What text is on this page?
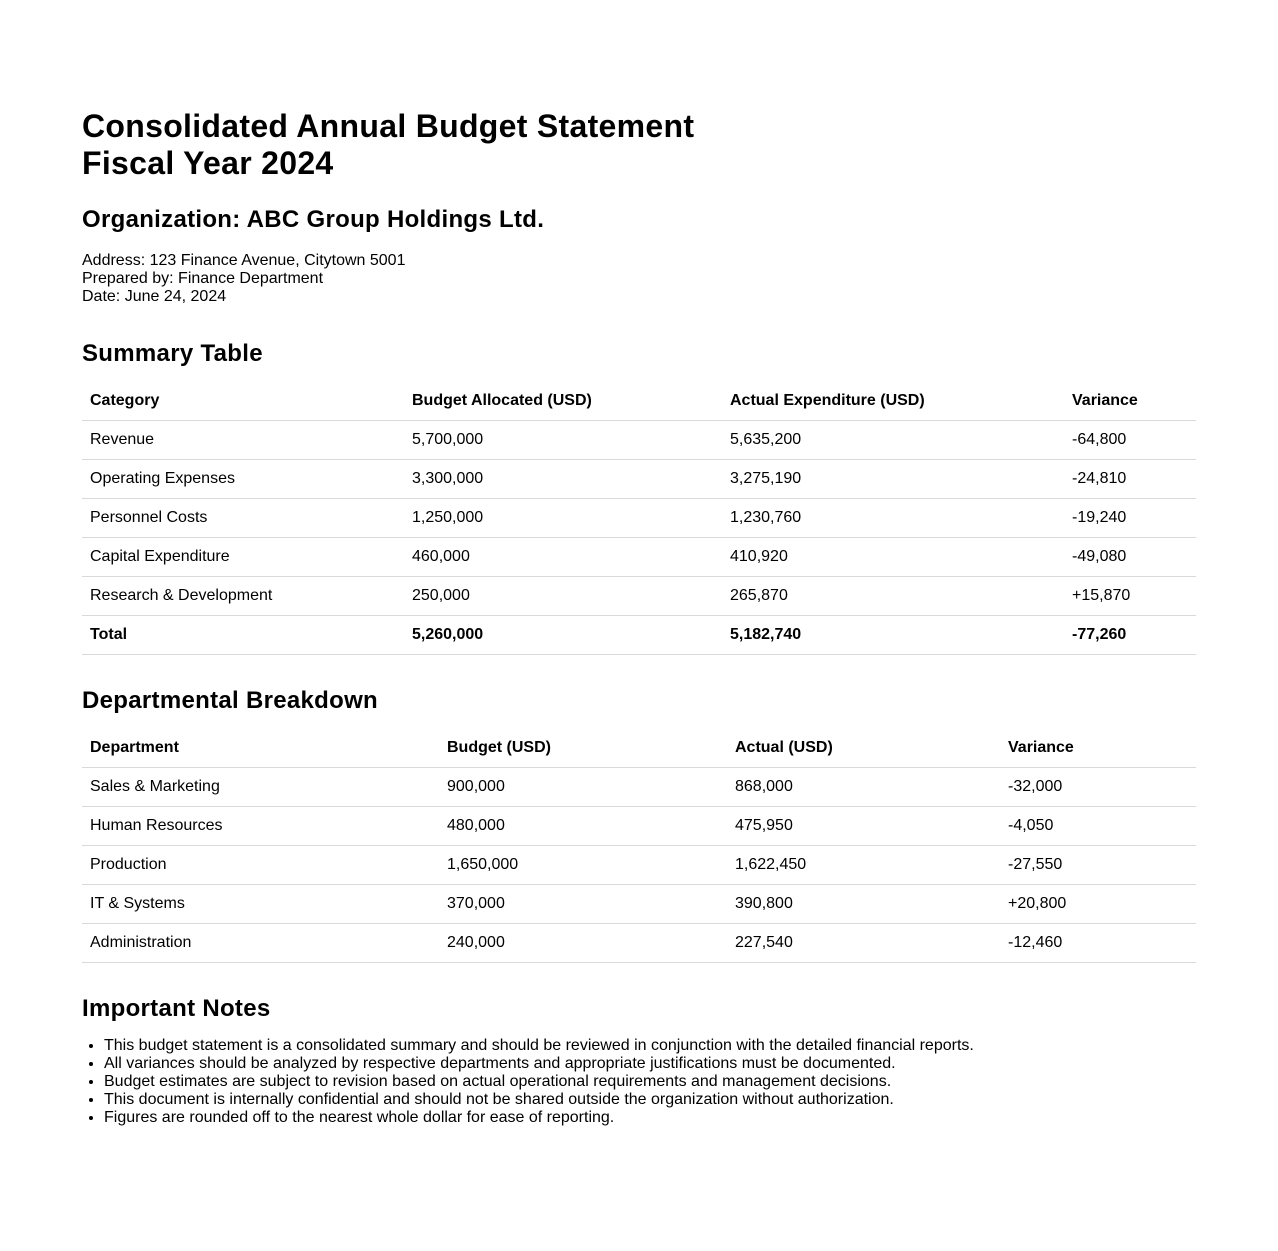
Consolidated Annual Budget Statement
Fiscal Year 2024
Organization: ABC Group Holdings Ltd.
Address: 123 Finance Avenue, Citytown 5001
Prepared by: Finance Department
Date: June 24, 2024
Summary Table
Category	Budget Allocated (USD)	Actual Expenditure (USD)	Variance
Revenue	5,700,000	5,635,200	-64,800
Operating Expenses	3,300,000	3,275,190	-24,810
Personnel Costs	1,250,000	1,230,760	-19,240
Capital Expenditure	460,000	410,920	-49,080
Research & Development	250,000	265,870	+15,870
Total	5,260,000	5,182,740	-77,260
Departmental Breakdown
Department	Budget (USD)	Actual (USD)	Variance
Sales & Marketing	900,000	868,000	-32,000
Human Resources	480,000	475,950	-4,050
Production	1,650,000	1,622,450	-27,550
IT & Systems	370,000	390,800	+20,800
Administration	240,000	227,540	-12,460
Important Notes
• This budget statement is a consolidated summary and should be reviewed in conjunction with the detailed financial reports.
• All variances should be analyzed by respective departments and appropriate justifications must be documented.
• Budget estimates are subject to revision based on actual operational requirements and management decisions.
• This document is internally confidential and should not be shared outside the organization without authorization.
• Figures are rounded off to the nearest whole dollar for ease of reporting.
